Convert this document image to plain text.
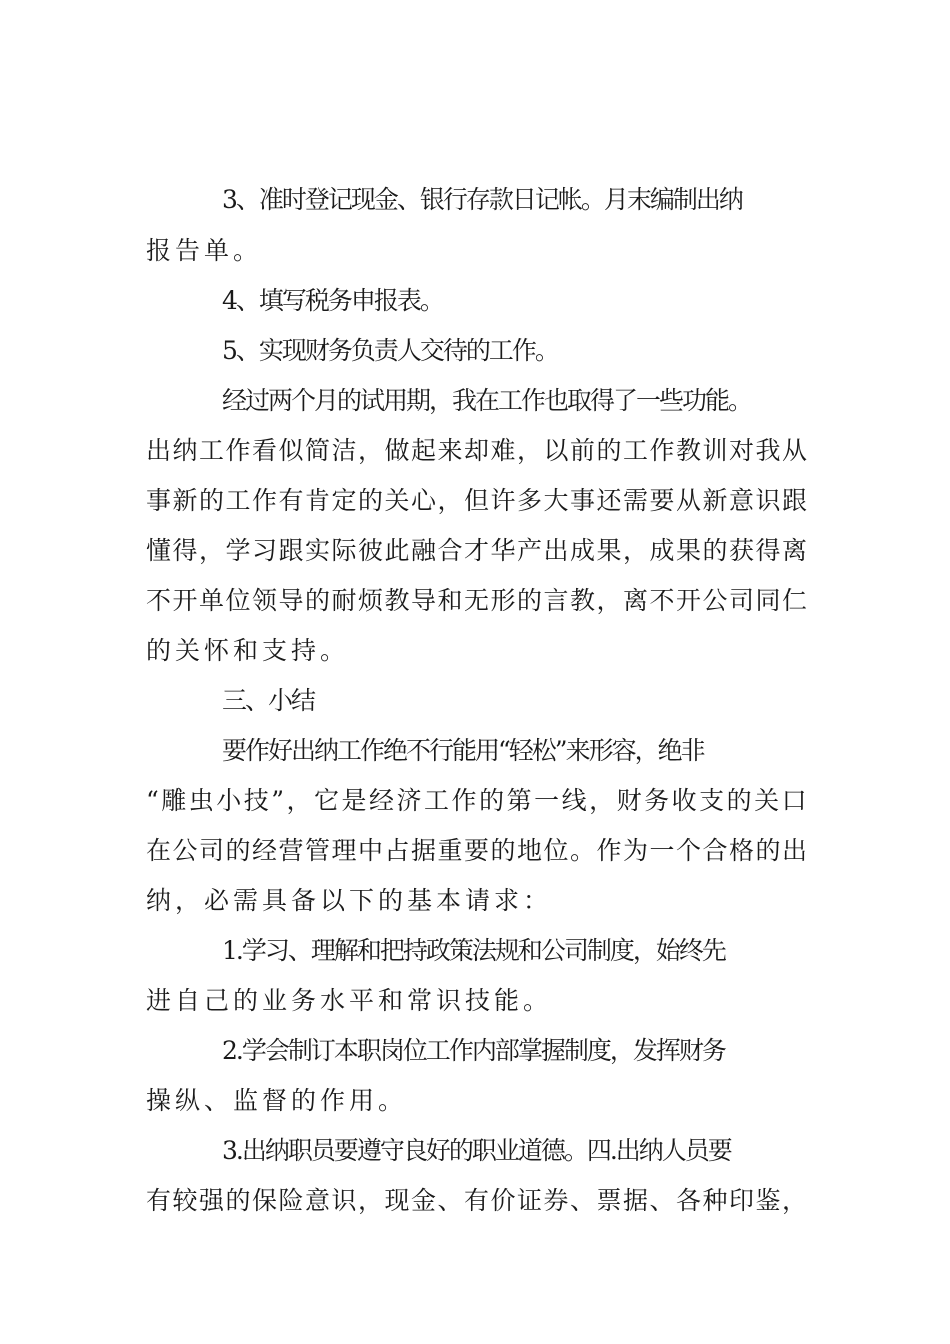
3、准时登记现金、银行存款日记帐。月末编制出纳
报告单。
4、填写税务申报表。
5、实现财务负责人交待的工作。
经过两个月的试用期，我在工作也取得了一些功能。
出纳工作看似简洁，做起来却难，以前的工作教训对我从
事新的工作有肯定的关心，但许多大事还需要从新意识跟
懂得，学习跟实际彼此融合才华产出成果，成果的获得离
不开单位领导的耐烦教导和无形的言教，离不开公司同仁
的关怀和支持。
三、小结
要作好出纳工作绝不行能用“轻松”来形容，绝非
“雕虫小技”，它是经济工作的第一线，财务收支的关口
在公司的经营管理中占据重要的地位。作为一个合格的出
纳，必需具备以下的基本请求：
1.学习、理解和把持政策法规和公司制度，始终先
进自己的业务水平和常识技能。
2.学会制订本职岗位工作内部掌握制度，发挥财务
操纵、监督的作用。
3.出纳职员要遵守良好的职业道德。四.出纳人员要
有较强的保险意识，现金、有价证券、票据、各种印鉴，
